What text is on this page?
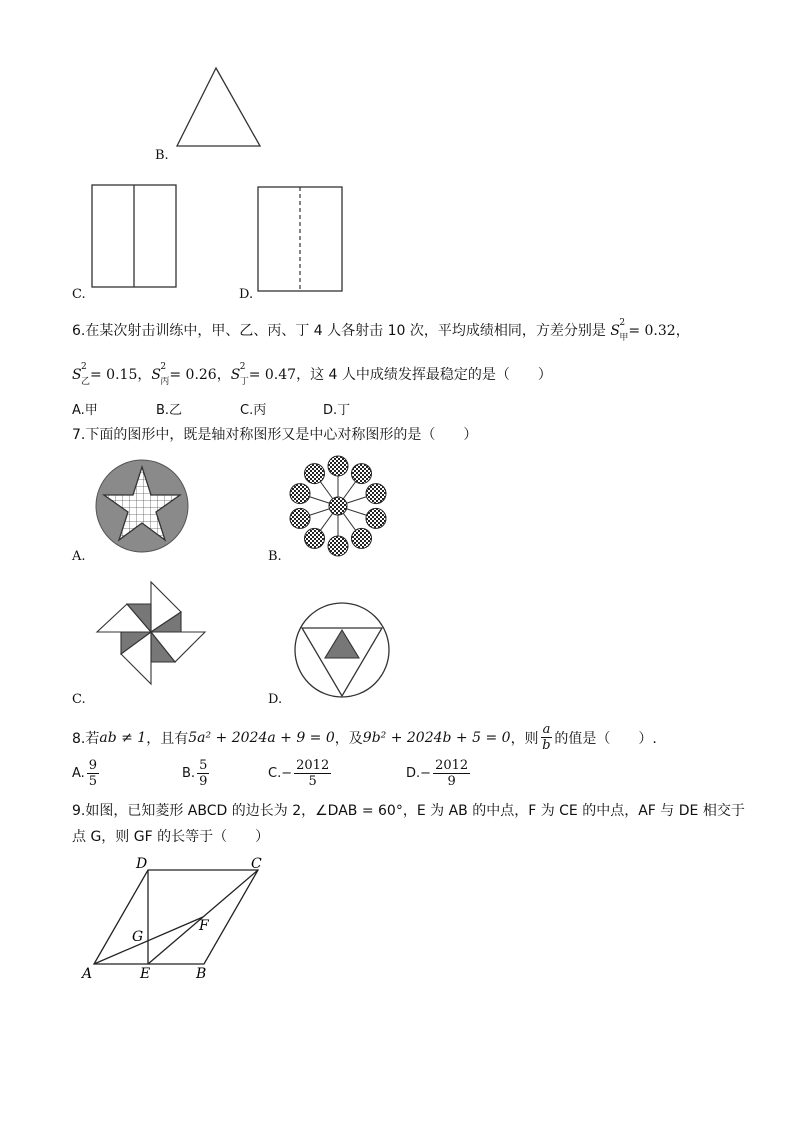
B.
C.	D.
6.在某次射击训练中，甲、乙、丙、丁 4 人各射击 10 次，平均成绩相同，方差分别是 S 2
甲 = 0.32，
S 2
乙 = 0.15， S 2
丙 = 0.26， S 2
丁 = 0.47，这 4 人中成绩发挥最稳定的是（　　）
A.甲	B.乙	C.丙	D.丁
7.下面的图形中，既是轴对称图形又是中心对称图形的是（　　）
A.	B.
C.	D.
8.若 ab ≠ 1 ，且有 5a² + 2024a + 9 = 0 ，及 9b² + 2024b + 5 = 0 ，则 $\frac{a}{b}$ 的值是（　　）.
A. $\frac{9}{5}$	B. $\frac{5}{9}$	C. − $\frac{2012}{5}$	D. − $\frac{2012}{9}$
9.如图，已知菱形 ABCD 的边长为 2，∠DAB = 60°，E 为 AB 的中点，F 为 CE 的中点，AF 与 DE 相交于
点 G，则 GF 的长等于（　　）
A	B
C
D
E
F
G
